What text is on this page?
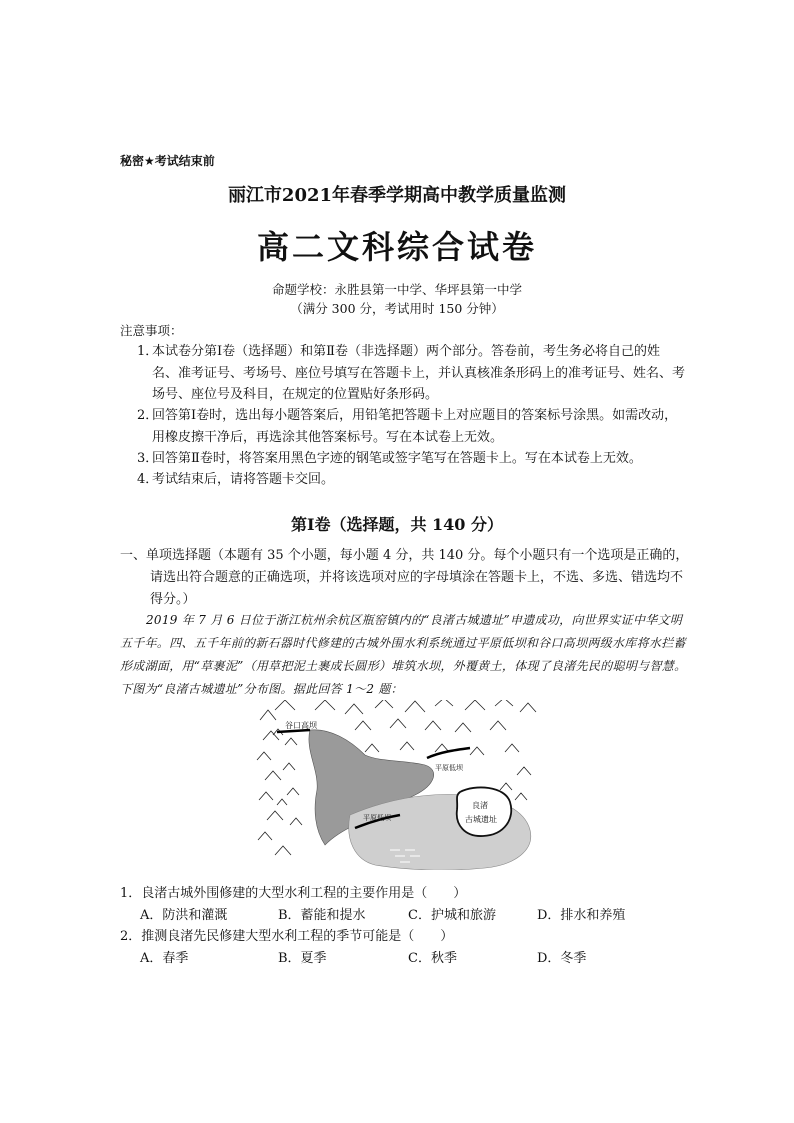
秘密★考试结束前
丽江市2021年春季学期高中教学质量监测
高二文科综合试卷
命题学校：永胜县第一中学、华坪县第一中学
（满分 300 分，考试用时 150 分钟）
注意事项：
1．
本试卷分第Ⅰ卷（选择题）和第Ⅱ卷（非选择题）两个部分。答卷前，考生务必将自己的姓名、准考证号、考场号、座位号填写在答题卡上，并认真核准条形码上的准考证号、姓名、考场号、座位号及科目，在规定的位置贴好条形码。
2．
回答第Ⅰ卷时，选出每小题答案后，用铅笔把答题卡上对应题目的答案标号涂黑。如需改动，用橡皮擦干净后，再选涂其他答案标号。写在本试卷上无效。
3．
回答第Ⅱ卷时，将答案用黑色字迹的钢笔或签字笔写在答题卡上。写在本试卷上无效。
4．
考试结束后，请将答题卡交回。
第Ⅰ卷（选择题，共 140 分）
一、单项选择题（本题有 35 个小题，每小题 4 分，共 140 分。每个小题只有一个选项是正确的，请选出符合题意的正确选项，并将该选项对应的字母填涂在答题卡上，不选、多选、错选均不得分。）
2019 年 7 月 6 日位于浙江杭州余杭区瓶窑镇内的“良渚古城遗址”申遗成功，向世界实证中华文明五千年。四、五千年前的新石器时代修建的古城外围水利系统通过平原低坝和谷口高坝两级水库将水拦蓄形成湖面，用“草裹泥”（用草把泥土裹成长圆形）堆筑水坝，外覆黄土，体现了良渚先民的聪明与智慧。下图为“良渚古城遗址”分布图。据此回答 1～2 题：
谷口高坝
平原低坝
平原低坝
良渚
古城遗址
1．良渚古城外围修建的大型水利工程的主要作用是（　　）
A．防洪和灌溉	B．蓄能和提水	C．护城和旅游	D．排水和养殖
2．推测良渚先民修建大型水利工程的季节可能是（　　）
A．春季	B．夏季	C．秋季	D．冬季
